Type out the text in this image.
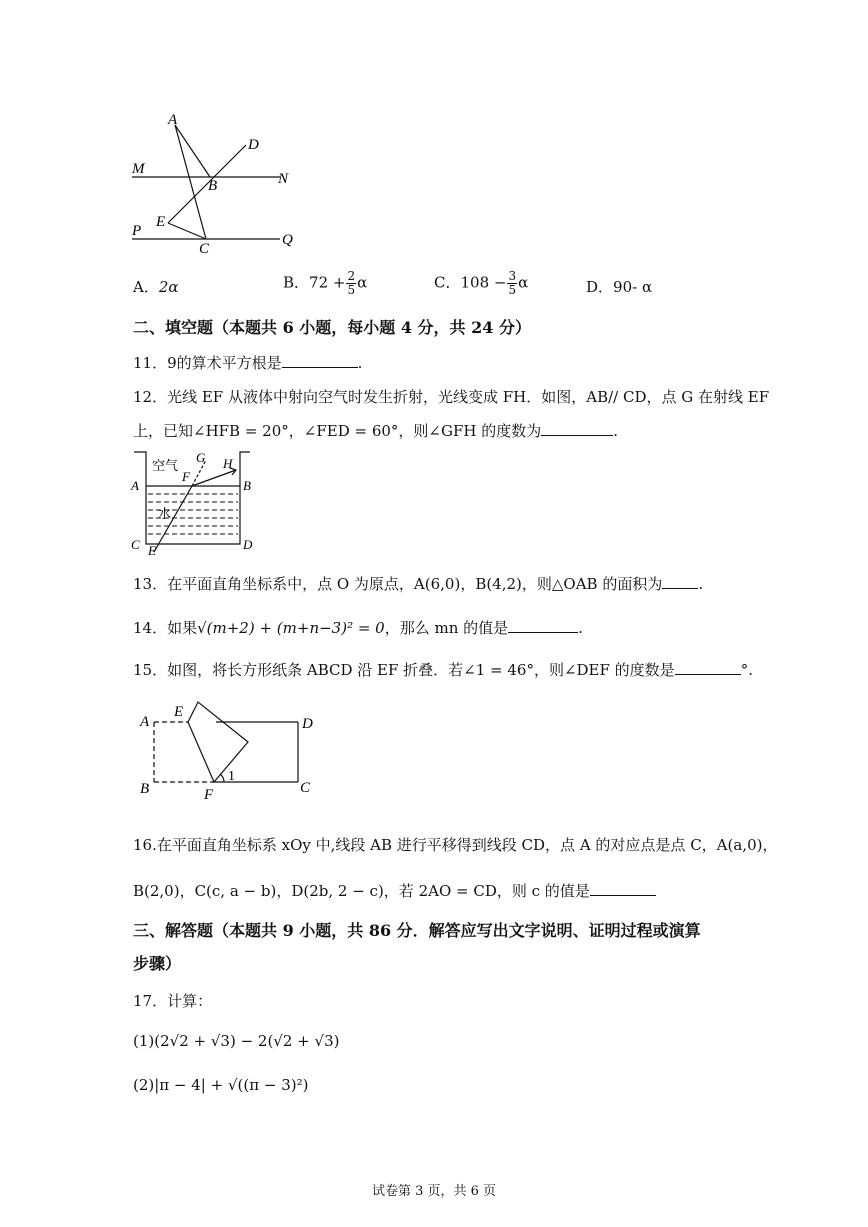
A
D
M
B	N
E
P
C
Q
A．2α	B．$72 + \frac{2}{5}$ α	C．$108 - \frac{3}{5}$ α	D．90- α
二、填空题（本题共 6 小题，每小题 4 分，共 24 分）
11．9的算术平方根是	.
12．光线 EF 从液体中射向空气时发生折射，光线变成 FH．如图，AB// CD，点 G 在射线 EF
上，已知∠HFB = 20°，∠FED = 60°，则∠GFH 的度数为	.
空气
G H
F
A	B
水
C E	D
13．在平面直角坐标系中，点 O 为原点，A(6,0)，B(4,2)，则△OAB 的面积为 .
14．如果√(m+2) + (m+n−3)² = 0，那么 mn 的值是	.
15．如图，将长方形纸条 ABCD 沿 EF 折叠．若∠1 = 46°，则∠DEF 的度数是	°.
A
E
D
B	F	C
1
16.在平面直角坐标系 xOy 中,线段 AB 进行平移得到线段 CD，点 A 的对应点是点 C，A(a,0)，
B(2,0)，C(c, a − b)，D(2b, 2 − c)，若 2AO = CD，则 c 的值是
三、解答题（本题共 9 小题，共 86 分．解答应写出文字说明、证明过程或演算
步骤）
17．计算：
(1)(2√2 + √3) − 2(√2 + √3)
(2)|π − 4| + √((π − 3)²)
试卷第 3 页，共 6 页
